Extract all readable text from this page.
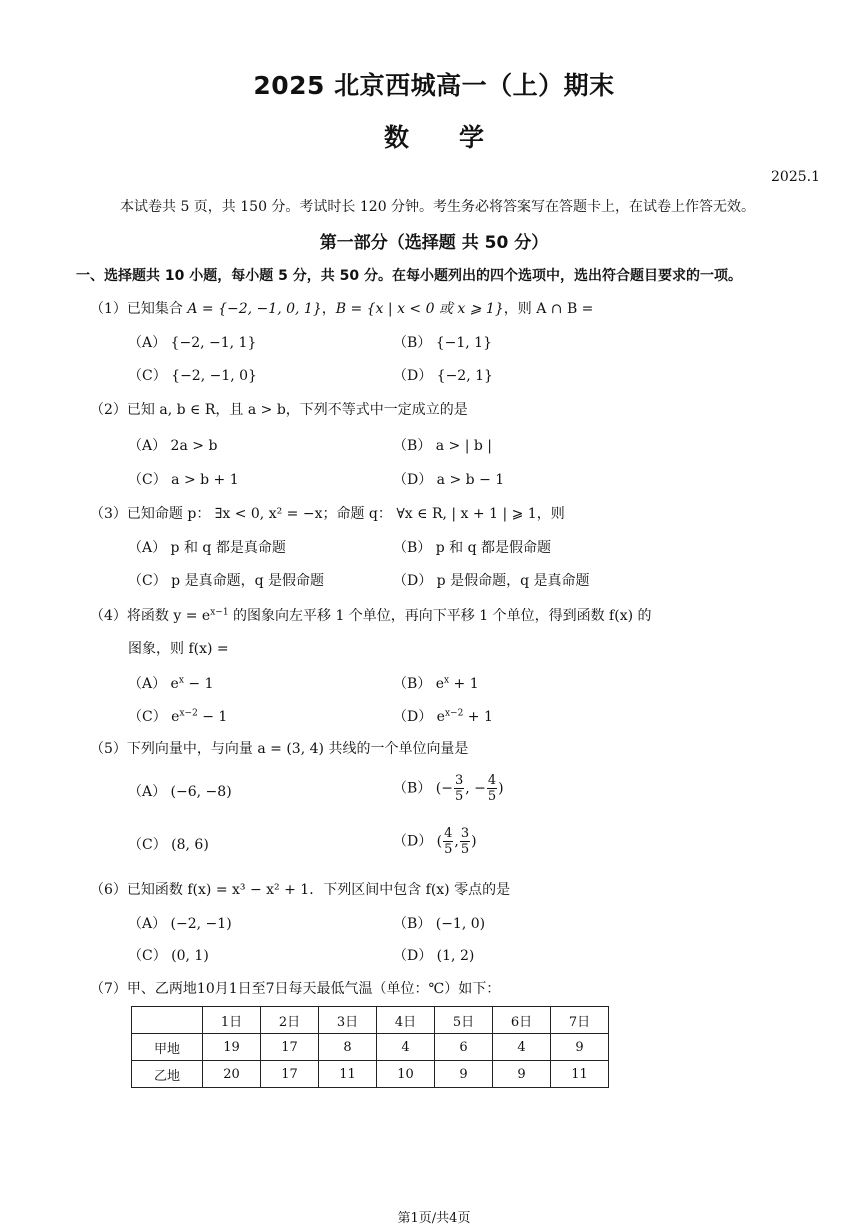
2025 北京西城高一（上）期末
数　　学
2025.1
本试卷共 5 页，共 150 分。考试时长 120 分钟。考生务必将答案写在答题卡上，在试卷上作答无效。
第一部分（选择题 共 50 分）
一、选择题共 10 小题，每小题 5 分，共 50 分。在每小题列出的四个选项中，选出符合题目要求的一项。
（1）已知集合 A = {−2, −1, 0, 1}，B = {x | x < 0 或 x ⩾ 1}，则 A ∩ B =
（A） {−2, −1, 1}	（B） {−1, 1}
（C） {−2, −1, 0}	（D） {−2, 1}
（2）已知 a, b ∈ R，且 a > b，下列不等式中一定成立的是
（A） 2a > b	（B） a > | b |
（C） a > b + 1	（D） a > b − 1
（3）已知命题 p： ∃x < 0, x² = −x；命题 q： ∀x ∈ R, | x + 1 | ⩾ 1，则
（A） p 和 q 都是真命题	（B） p 和 q 都是假命题
（C） p 是真命题，q 是假命题	（D） p 是假命题，q 是真命题
（4）将函数 $y = e^{x-1}$ 的图象向左平移 1 个单位，再向下平移 1 个单位，得到函数 f(x) 的
图象，则 f(x) =
（A） $e^x - 1$	（B） $e^x + 1$
（C） $e^{x-2} - 1$	（D） $e^{x-2} + 1$
（5）下列向量中，与向量 a = (3, 4) 共线的一个单位向量是
（A） (−6, −8)	（B） (− $\frac{3}{5}$ , − $\frac{4}{5}$ )
（C） (8, 6)	（D） ( $\frac{4}{5}$ , $\frac{3}{5}$ )
（6）已知函数 f(x) = x³ − x² + 1．下列区间中包含 f(x) 零点的是
（A） (−2, −1)	（B） (−1, 0)
（C） (0, 1)	（D） (1, 2)
（7）甲、乙两地10月1日至7日每天最低气温（单位：℃）如下：
	1日	2日	3日	4日	5日	6日	7日
甲地	19	17	8	4	6	4	9
乙地	20	17	11	10	9	9	11
第1页/共4页
